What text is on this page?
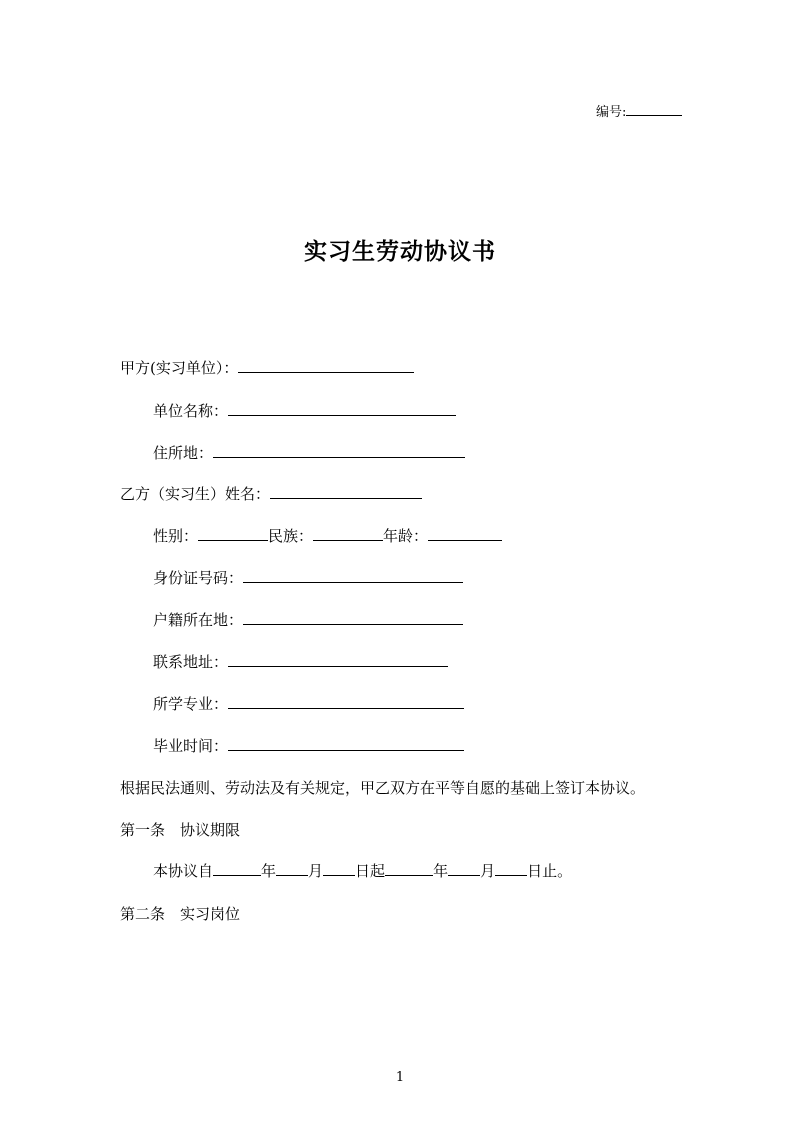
编号:
实习生劳动协议书
甲方(实习单位）：
单位名称：
住所地：
乙方（实习生）姓名：
性别：	民族：	年龄：
身份证号码：
户籍所在地：
联系地址：
所学专业：
毕业时间：
根据民法通则、劳动法及有关规定，甲乙双方在平等自愿的基础上签订本协议。
第一条　协议期限
本协议自	年 月 日起	年 月 日止。
第二条　实习岗位
1
